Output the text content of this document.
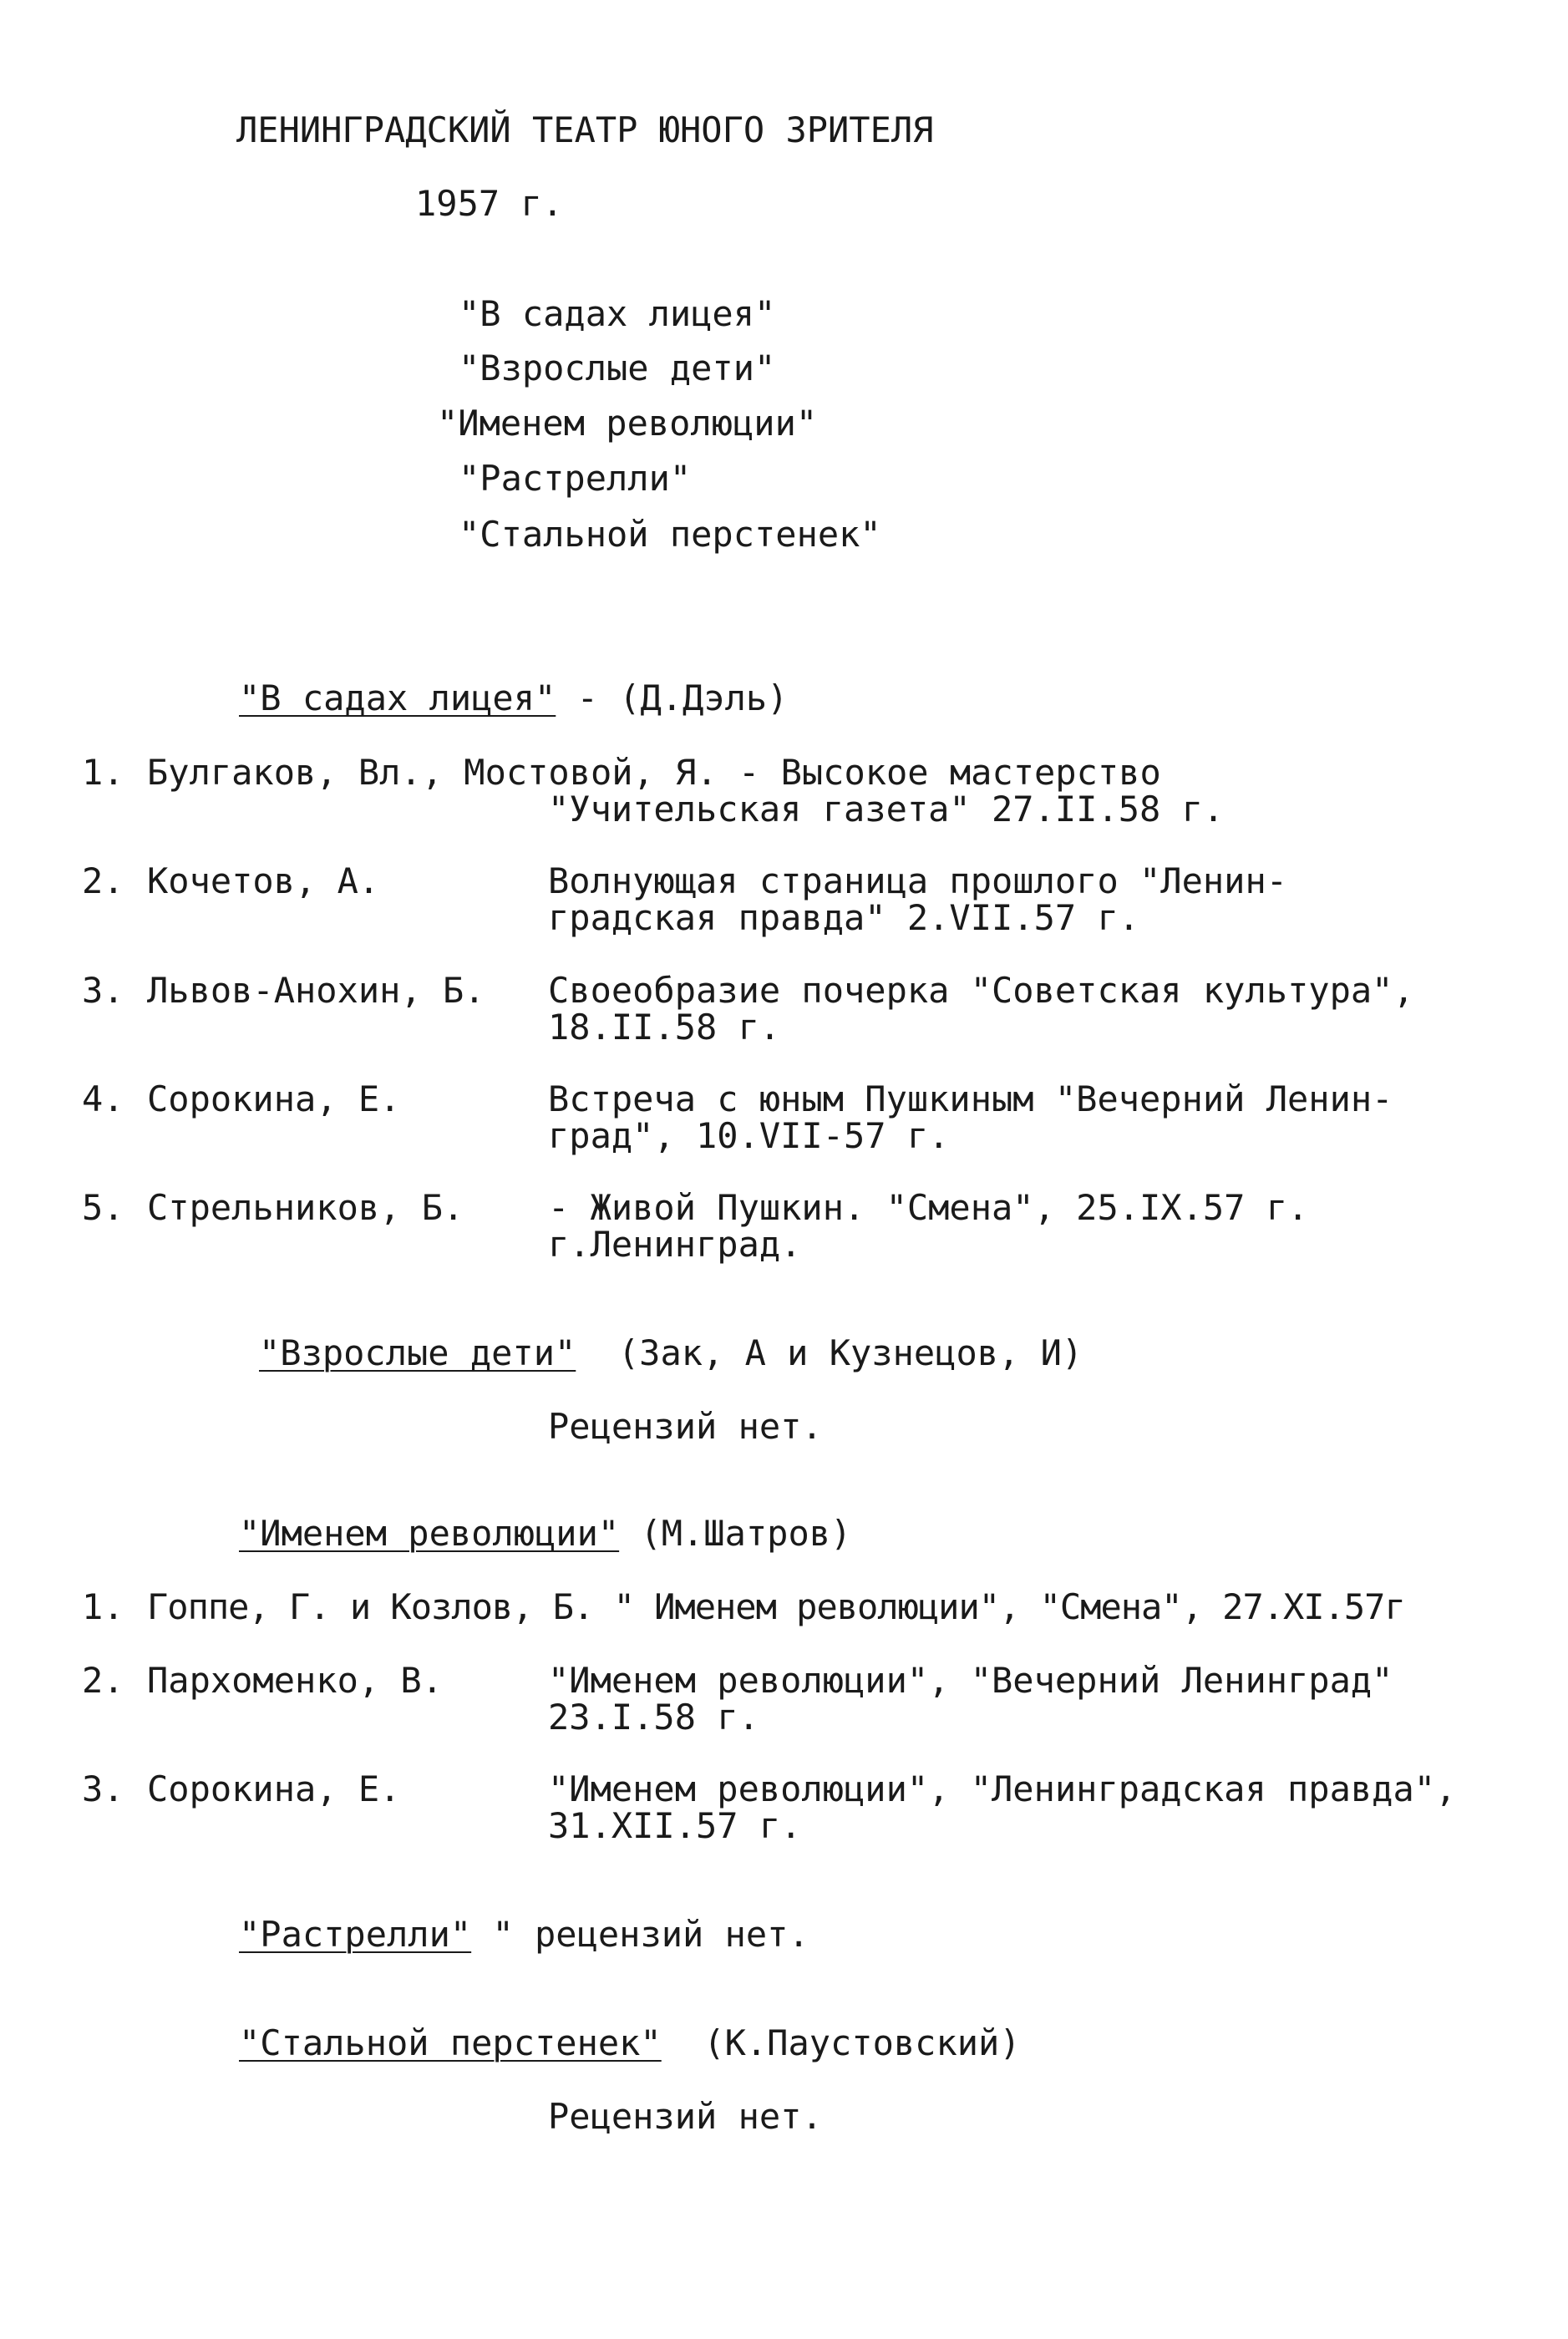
ЛЕНИНГРАДСКИЙ ТЕАТР ЮНОГО ЗРИТЕЛЯ
1957 г.
"В садах лицея"
"Взрослые дети"
"Именем революции"
"Растрелли"
"Стальной перстенек"
"В садах лицея" - (Д.Дэль)
1. Булгаков, Вл., Мостовой, Я. - Высокое мастерство
"Учительская газета" 27.II.58 г.
2. Кочетов, А.	Волнующая страница прошлого "Ленин-
градская правда" 2.VII.57 г.
3. Львов-Анохин, Б. Своеобразие почерка "Советская культура",
18.II.58 г.
4. Сорокина, Е.	Встреча с юным Пушкиным "Вечерний Ленин-
град", 10.VII-57 г.
5. Стрельников, Б. - Живой Пушкин. "Смена", 25.IX.57 г.
г.Ленинград.
"Взрослые дети"  (Зак, А и Кузнецов, И)
Рецензий нет.
"Именем революции" (М.Шатров)
1. Гоппе, Г. и Козлов, Б. " Именем революции", "Смена", 27.XI.57г
2. Пархоменко, В.	"Именем революции", "Вечерний Ленинград"
23.I.58 г.
3. Сорокина, Е.	"Именем революции", "Ленинградская правда",
31.XII.57 г.
"Растрелли" " рецензий нет.
"Стальной перстенек"  (К.Паустовский)
Рецензий нет.
